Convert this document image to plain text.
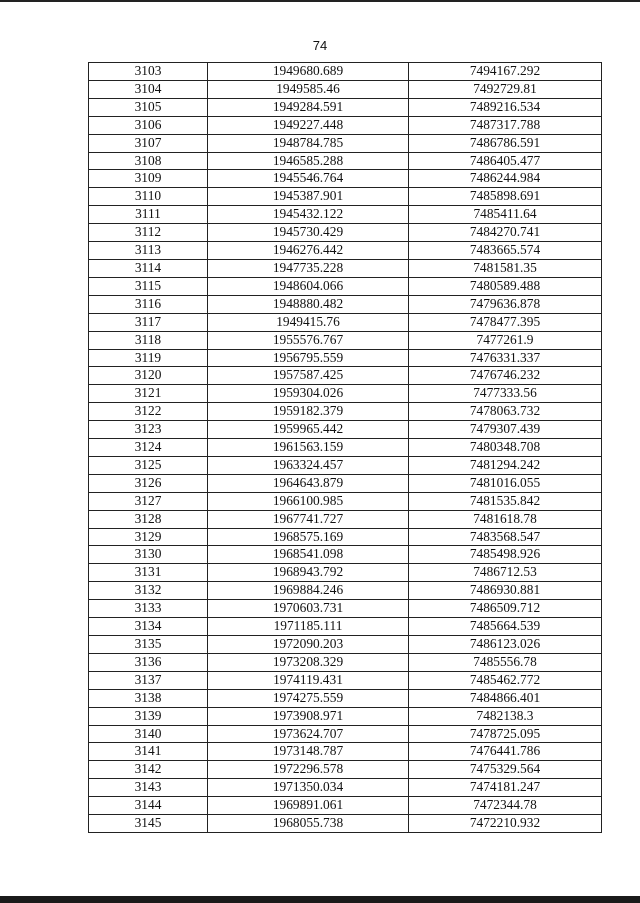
74
3103	1949680.689	7494167.292
3104	1949585.46	7492729.81
3105	1949284.591	7489216.534
3106	1949227.448	7487317.788
3107	1948784.785	7486786.591
3108	1946585.288	7486405.477
3109	1945546.764	7486244.984
3110	1945387.901	7485898.691
3111	1945432.122	7485411.64
3112	1945730.429	7484270.741
3113	1946276.442	7483665.574
3114	1947735.228	7481581.35
3115	1948604.066	7480589.488
3116	1948880.482	7479636.878
3117	1949415.76	7478477.395
3118	1955576.767	7477261.9
3119	1956795.559	7476331.337
3120	1957587.425	7476746.232
3121	1959304.026	7477333.56
3122	1959182.379	7478063.732
3123	1959965.442	7479307.439
3124	1961563.159	7480348.708
3125	1963324.457	7481294.242
3126	1964643.879	7481016.055
3127	1966100.985	7481535.842
3128	1967741.727	7481618.78
3129	1968575.169	7483568.547
3130	1968541.098	7485498.926
3131	1968943.792	7486712.53
3132	1969884.246	7486930.881
3133	1970603.731	7486509.712
3134	1971185.111	7485664.539
3135	1972090.203	7486123.026
3136	1973208.329	7485556.78
3137	1974119.431	7485462.772
3138	1974275.559	7484866.401
3139	1973908.971	7482138.3
3140	1973624.707	7478725.095
3141	1973148.787	7476441.786
3142	1972296.578	7475329.564
3143	1971350.034	7474181.247
3144	1969891.061	7472344.78
3145	1968055.738	7472210.932
